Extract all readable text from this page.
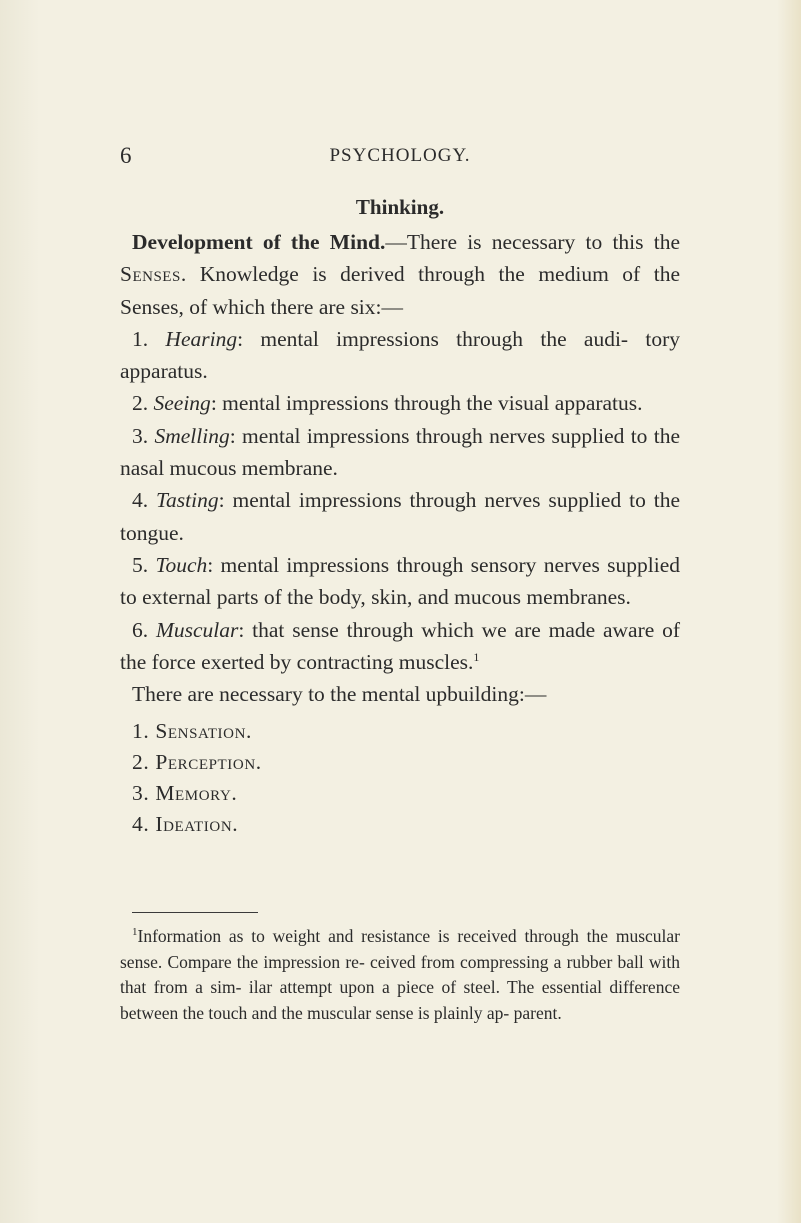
6	PSYCHOLOGY.
Thinking.

Development of the Mind.—There is necessary to this the Senses. Knowledge is derived through the medium of the Senses, of which there are six:—

1. Hearing: mental impressions through the audi- tory apparatus.

2. Seeing: mental impressions through the visual apparatus.

3. Smelling: mental impressions through nerves supplied to the nasal mucous membrane.

4. Tasting: mental impressions through nerves supplied to the tongue.

5. Touch: mental impressions through sensory nerves supplied to external parts of the body, skin, and mucous membranes.

6. Muscular: that sense through which we are made aware of the force exerted by contracting muscles.$^1$

There are necessary to the mental upbuilding:—

1. Sensation.
2. Perception.
3. Memory.
4. Ideation.

$^1$Information as to weight and resistance is received through the muscular sense. Compare the impression re- ceived from compressing a rubber ball with that from a sim- ilar attempt upon a piece of steel. The essential difference between the touch and the muscular sense is plainly ap- parent.
